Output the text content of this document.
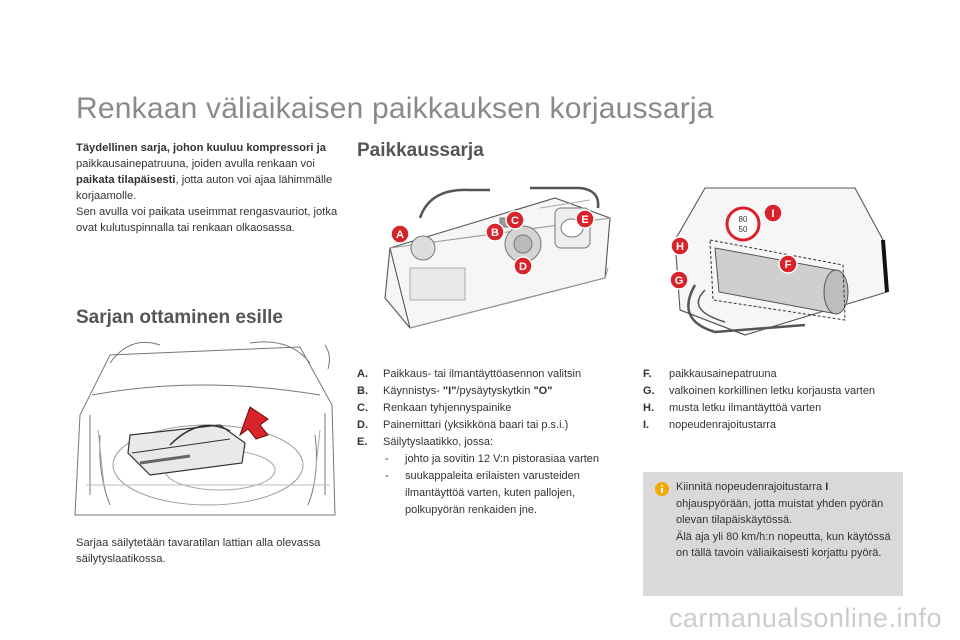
Renkaan väliaikaisen paikkauksen korjaussarja
Täydellinen sarja, johon kuuluu kompressori ja
paikkausainepatruuna, joiden avulla renkaan voi paikata tilapäisesti, jotta auton voi ajaa lähimmälle korjaamolle.
Sen avulla voi paikata useimmat rengasvauriot, jotka ovat kulutuspinnalla tai renkaan olkaosassa.
Paikkaussarja
Sarjan ottaminen esille
Sarjaa säilytetään tavaratilan lattian alla olevassa säilytyslaatikossa.
A	B
C
D
E	80
50
I
H
G
F
A.	Paikkaus- tai ilmantäyttöasennon valitsin
B.	Käynnistys- "I"/pysäytyskytkin "O"
C.	Renkaan tyhjennyspainike
D.	Painemittari (yksikkönä baari tai p.s.i.)
E.	Säilytyslaatikko, jossa:
-	johto ja sovitin 12 V:n pistorasiaa varten
-	suukappaleita erilaisten varusteiden ilmantäyttöä varten, kuten pallojen, polkupyörän renkaiden jne.
F.	paikkausainepatruuna
G.	valkoinen korkillinen letku korjausta varten
H.	musta letku ilmantäyttöä varten
I.	nopeudenrajoitustarra
Kiinnitä nopeudenrajoitustarra I ohjauspyörään, jotta muistat yhden pyörän olevan tilapäiskäytössä.
Älä aja yli 80 km/h:n nopeutta, kun käytössä on tällä tavoin väliaikaisesti korjattu pyörä.
carmanualsonline.info
